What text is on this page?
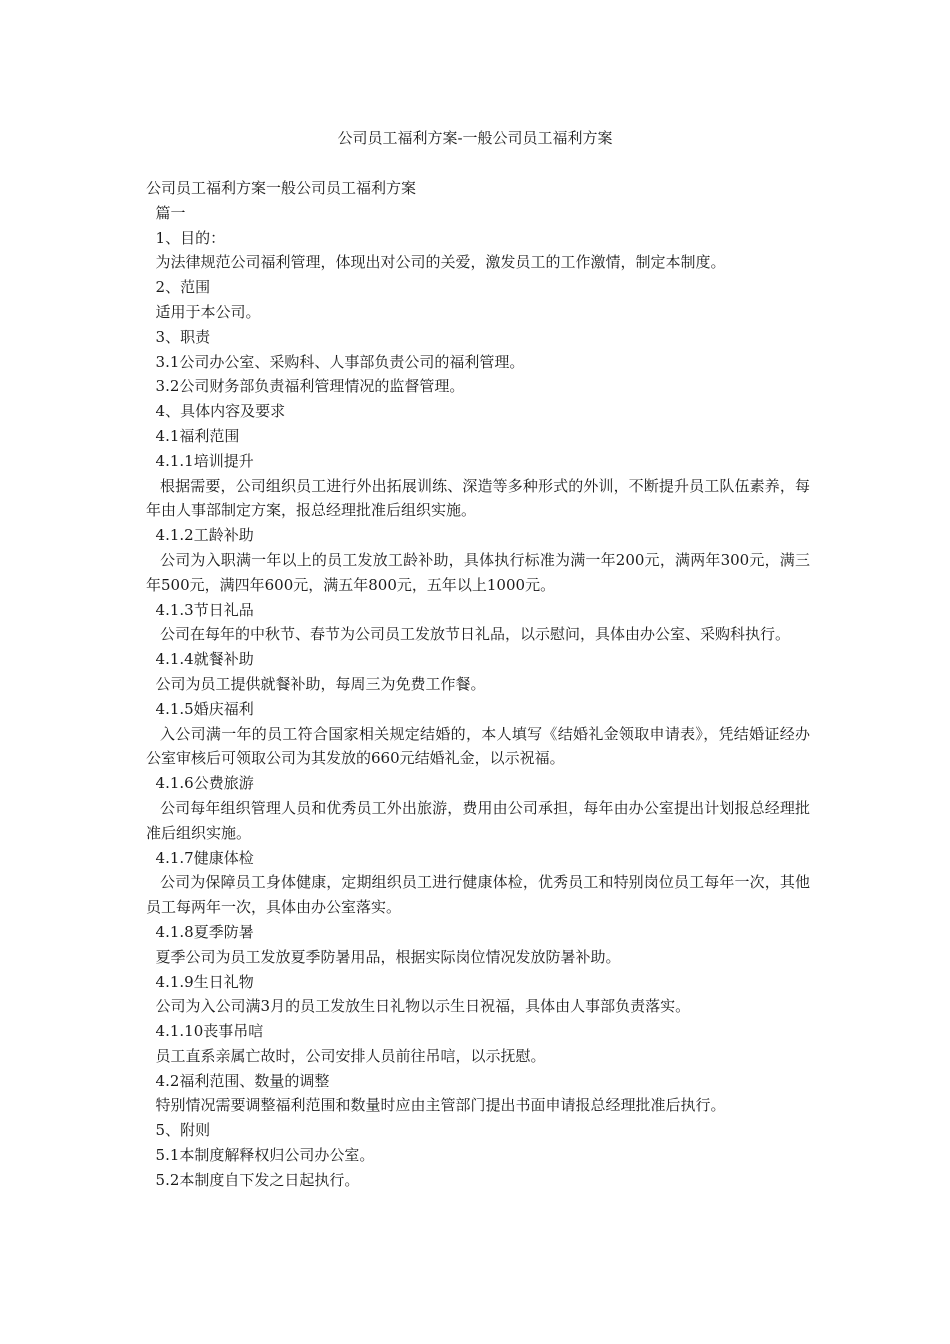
公司员工福利方案-一般公司员工福利方案

公司员工福利方案一般公司员工福利方案

篇一

1、目的：

为法律规范公司福利管理，体现出对公司的关爱，激发员工的工作激情，制定本制度。

2、范围

适用于本公司。

3、职责

3.1公司办公室、采购科、人事部负责公司的福利管理。

3.2公司财务部负责福利管理情况的监督管理。

4、具体内容及要求

4.1福利范围

4.1.1培训提升

根据需要，公司组织员工进行外出拓展训练、深造等多种形式的外训，不断提升员工队伍素养，每年由人事部制定方案，报总经理批准后组织实施。

4.1.2工龄补助

公司为入职满一年以上的员工发放工龄补助，具体执行标准为满一年200元，满两年300元，满三年500元，满四年600元，满五年800元，五年以上1000元。

4.1.3节日礼品

公司在每年的中秋节、春节为公司员工发放节日礼品，以示慰问，具体由办公室、采购科执行。

4.1.4就餐补助

公司为员工提供就餐补助，每周三为免费工作餐。

4.1.5婚庆福利

入公司满一年的员工符合国家相关规定结婚的，本人填写《结婚礼金领取申请表》，凭结婚证经办公室审核后可领取公司为其发放的660元结婚礼金，以示祝福。

4.1.6公费旅游

公司每年组织管理人员和优秀员工外出旅游，费用由公司承担，每年由办公室提出计划报总经理批准后组织实施。

4.1.7健康体检

公司为保障员工身体健康，定期组织员工进行健康体检，优秀员工和特别岗位员工每年一次，其他员工每两年一次，具体由办公室落实。

4.1.8夏季防暑

夏季公司为员工发放夏季防暑用品，根据实际岗位情况发放防暑补助。

4.1.9生日礼物

公司为入公司满3月的员工发放生日礼物以示生日祝福，具体由人事部负责落实。

4.1.10丧事吊唁

员工直系亲属亡故时，公司安排人员前往吊唁，以示抚慰。

4.2福利范围、数量的调整

特别情况需要调整福利范围和数量时应由主管部门提出书面申请报总经理批准后执行。

5、附则

5.1本制度解释权归公司办公室。

5.2本制度自下发之日起执行。
